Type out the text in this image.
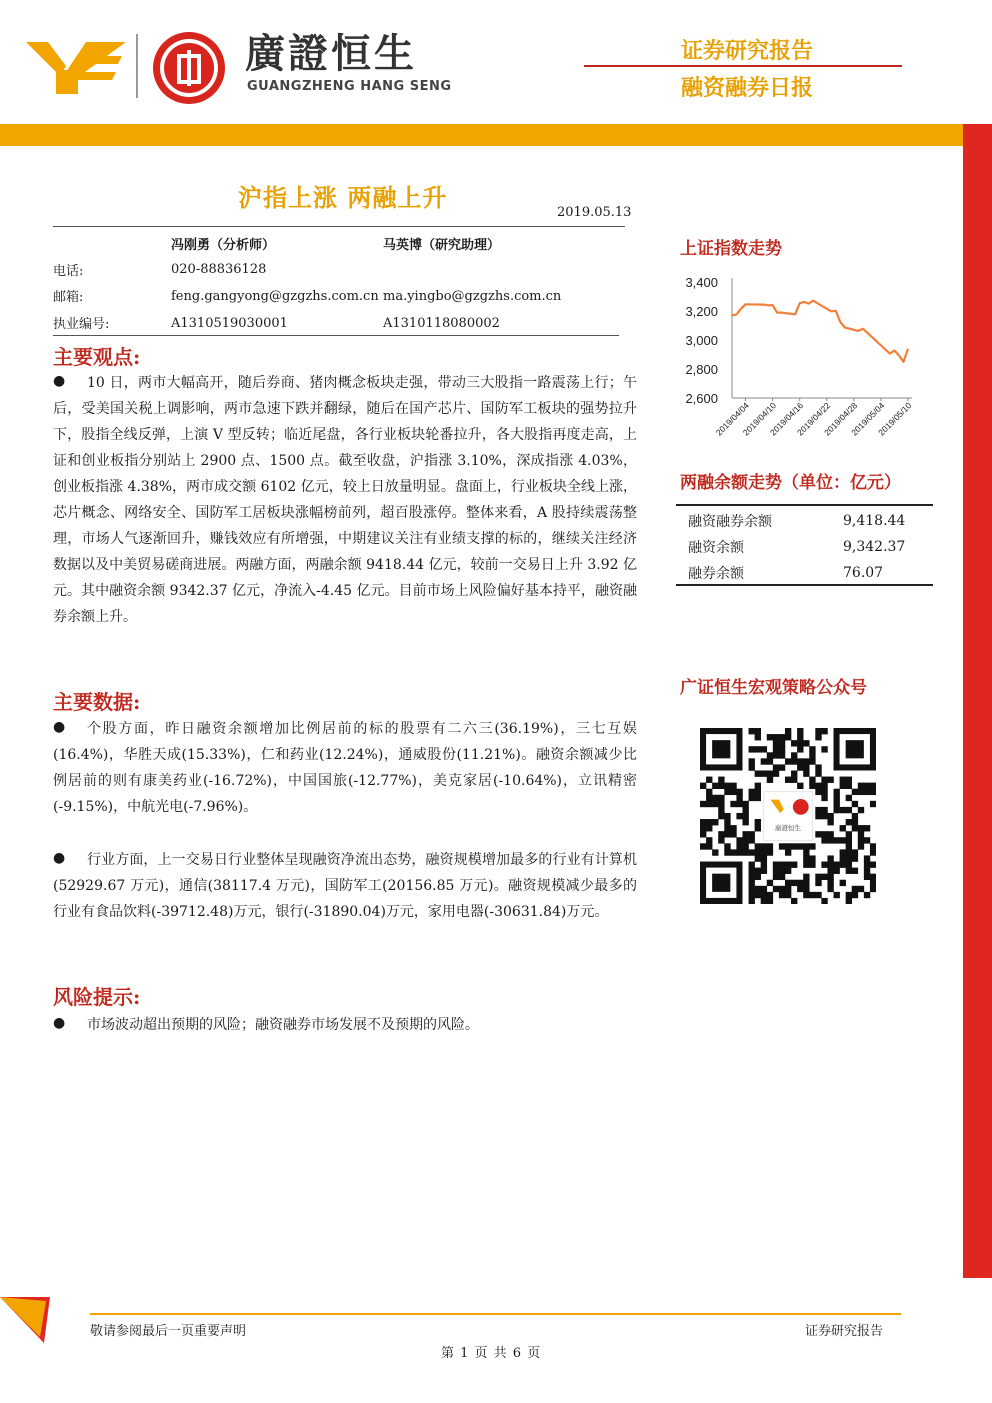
廣證恒生
GUANGZHENG HANG SENG
证券研究报告
融资融券日报
沪指上涨 两融上升
2019.05.13
冯刚勇（分析师）	马英博（研究助理）
电话:	020-88836128
邮箱:	feng.gangyong@gzgzhs.com.cn ma.yingbo@gzgzhs.com.cn
执业编号:	A1310519030001	A1310118080002
主要观点:
●	10 日，两市大幅高开，随后券商、猪肉概念板块走强，带动三大股指一路震荡上行；午后，受美国关税上调影响，两市急速下跌并翻绿，随后在国产芯片、国防军工板块的强势拉升下，股指全线反弹，上演 V 型反转；临近尾盘，各行业板块轮番拉升，各大股指再度走高，上证和创业板指分别站上 2900 点、1500 点。截至收盘，沪指涨 3.10%，深成指涨 4.03%，创业板指涨 4.38%，两市成交额 6102 亿元，较上日放量明显。盘面上，行业板块全线上涨，芯片概念、网络安全、国防军工居板块涨幅榜前列，超百股涨停。整体来看，A 股持续震荡整理，市场人气逐渐回升，赚钱效应有所增强，中期建议关注有业绩支撑的标的，继续关注经济数据以及中美贸易磋商进展。两融方面，两融余额 9418.44 亿元，较前一交易日上升 3.92 亿元。其中融资余额 9342.37 亿元，净流入-4.45 亿元。目前市场上风险偏好基本持平，融资融券余额上升。

主要数据:
●	个股方面，昨日融资余额增加比例居前的标的股票有二六三(36.19%)，三七互娱(16.4%)，华胜天成(15.33%)，仁和药业(12.24%)，通威股份(11.21%)。融资余额减少比例居前的则有康美药业(-16.72%)，中国国旅(-12.77%)，美克家居(-10.64%)，立讯精密(-9.15%)，中航光电(-7.96%)。

●	行业方面，上一交易日行业整体呈现融资净流出态势，融资规模增加最多的行业有计算机(52929.67 万元)，通信(38117.4 万元)，国防军工(20156.85 万元)。融资规模减少最多的行业有食品饮料(-39712.48)万元，银行(-31890.04)万元，家用电器(-30631.84)万元。

风险提示:
●	市场波动超出预期的风险；融资融券市场发展不及预期的风险。

上证指数走势
3,400
3,200
3,000
2,800
2,600
2019/04/04
2019/04/10
2019/04/16
2019/04/22
2019/04/28
2019/05/04
2019/05/10
两融余额走势（单位：亿元）
融资融券余额	9,418.44
融资余额	9,342.37
融券余额	76.07
广证恒生宏观策略公众号
廣證恒生
敬请参阅最后一页重要声明	证券研究报告
第 1 页 共 6 页
